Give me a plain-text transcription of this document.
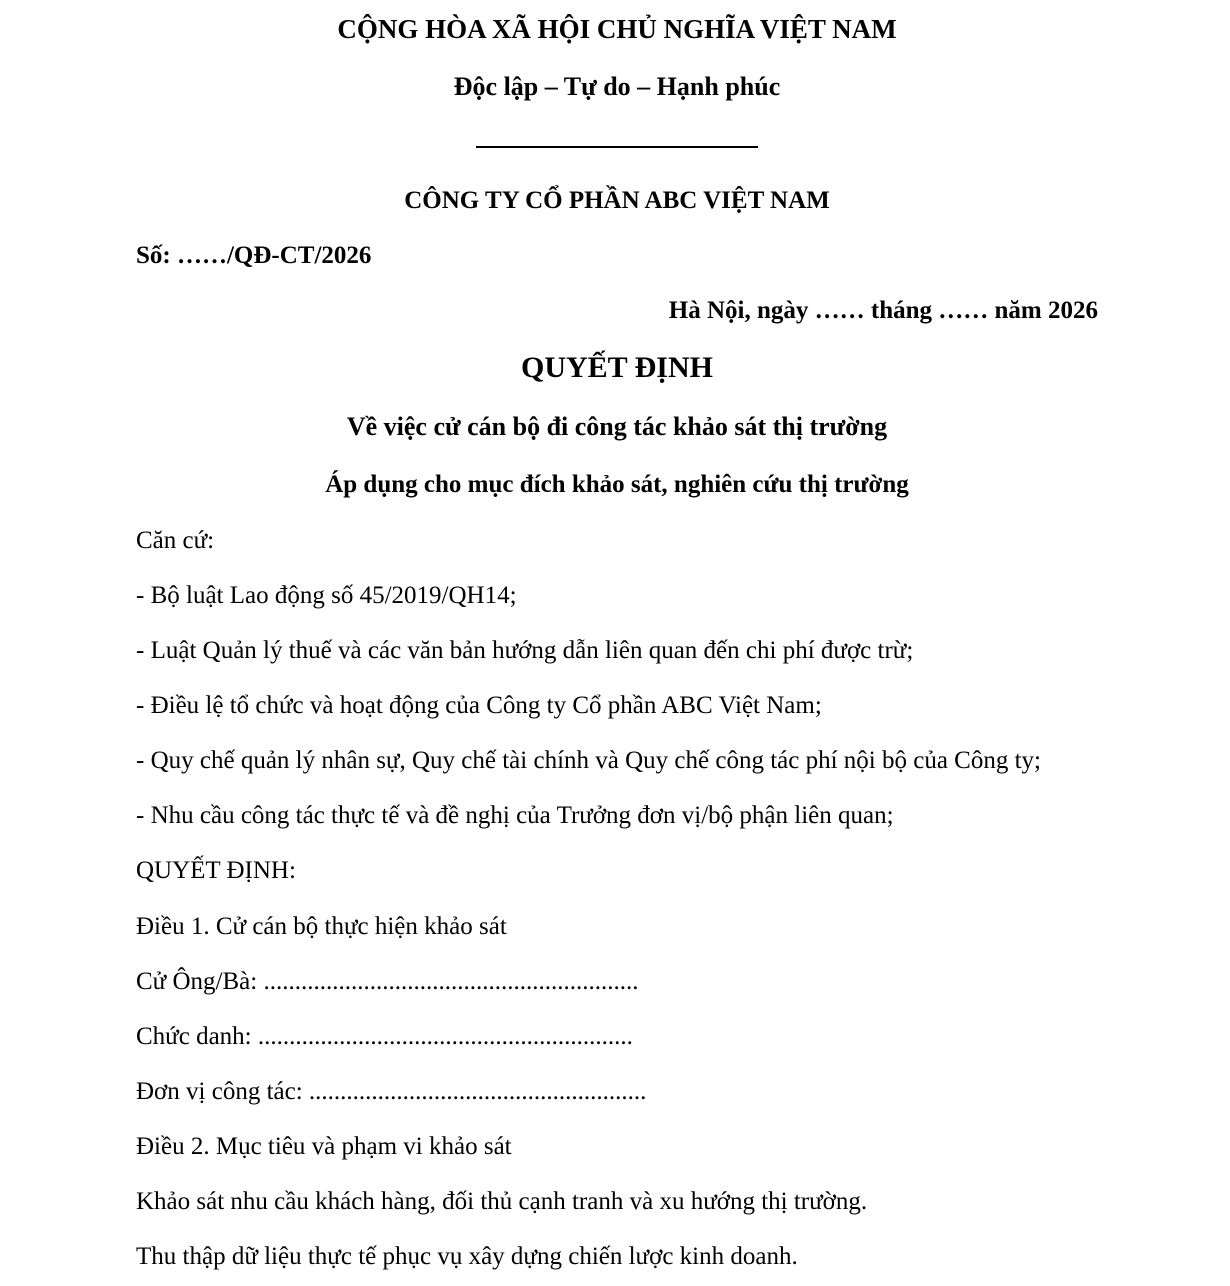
CỘNG HÒA XÃ HỘI CHỦ NGHĨA VIỆT NAM
Độc lập – Tự do – Hạnh phúc
CÔNG TY CỔ PHẦN ABC VIỆT NAM
Số: ……/QĐ-CT/2026
Hà Nội, ngày …… tháng …… năm 2026
QUYẾT ĐỊNH
Về việc cử cán bộ đi công tác khảo sát thị trường
Áp dụng cho mục đích khảo sát, nghiên cứu thị trường
Căn cứ:
- Bộ luật Lao động số 45/2019/QH14;
- Luật Quản lý thuế và các văn bản hướng dẫn liên quan đến chi phí được trừ;
- Điều lệ tổ chức và hoạt động của Công ty Cổ phần ABC Việt Nam;
- Quy chế quản lý nhân sự, Quy chế tài chính và Quy chế công tác phí nội bộ của Công ty;
- Nhu cầu công tác thực tế và đề nghị của Trưởng đơn vị/bộ phận liên quan;
QUYẾT ĐỊNH:
Điều 1. Cử cán bộ thực hiện khảo sát
Cử Ông/Bà: ............................................................
Chức danh: ............................................................
Đơn vị công tác: ......................................................
Điều 2. Mục tiêu và phạm vi khảo sát
Khảo sát nhu cầu khách hàng, đối thủ cạnh tranh và xu hướng thị trường.
Thu thập dữ liệu thực tế phục vụ xây dựng chiến lược kinh doanh.
